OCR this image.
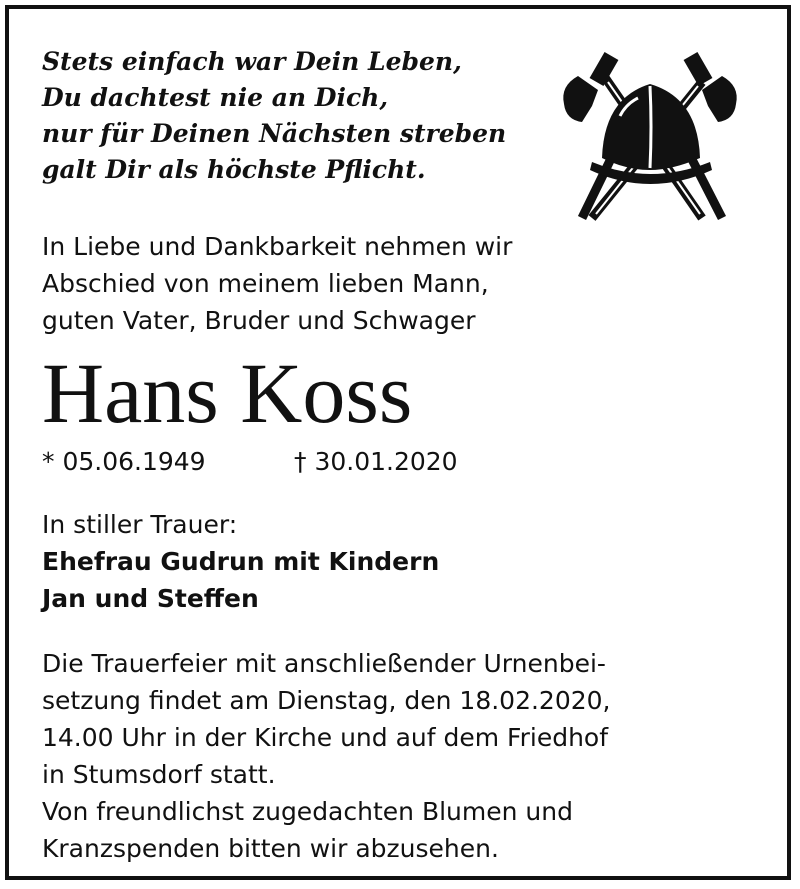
Stets einfach war Dein Leben,
Du dachtest nie an Dich,
nur für Deinen Nächsten streben
galt Dir als höchste Pflicht.
In Liebe und Dankbarkeit nehmen wir
Abschied von meinem lieben Mann,
guten Vater, Bruder und Schwager
Hans Koss
* 05.06.1949	† 30.01.2020
In stiller Trauer:
Ehefrau Gudrun mit Kindern
Jan und Steffen
Die Trauerfeier mit anschließender Urnenbei-
setzung findet am Dienstag, den 18.02.2020,
14.00 Uhr in der Kirche und auf dem Friedhof
in Stumsdorf statt.
Von freundlichst zugedachten Blumen und
Kranzspenden bitten wir abzusehen.
